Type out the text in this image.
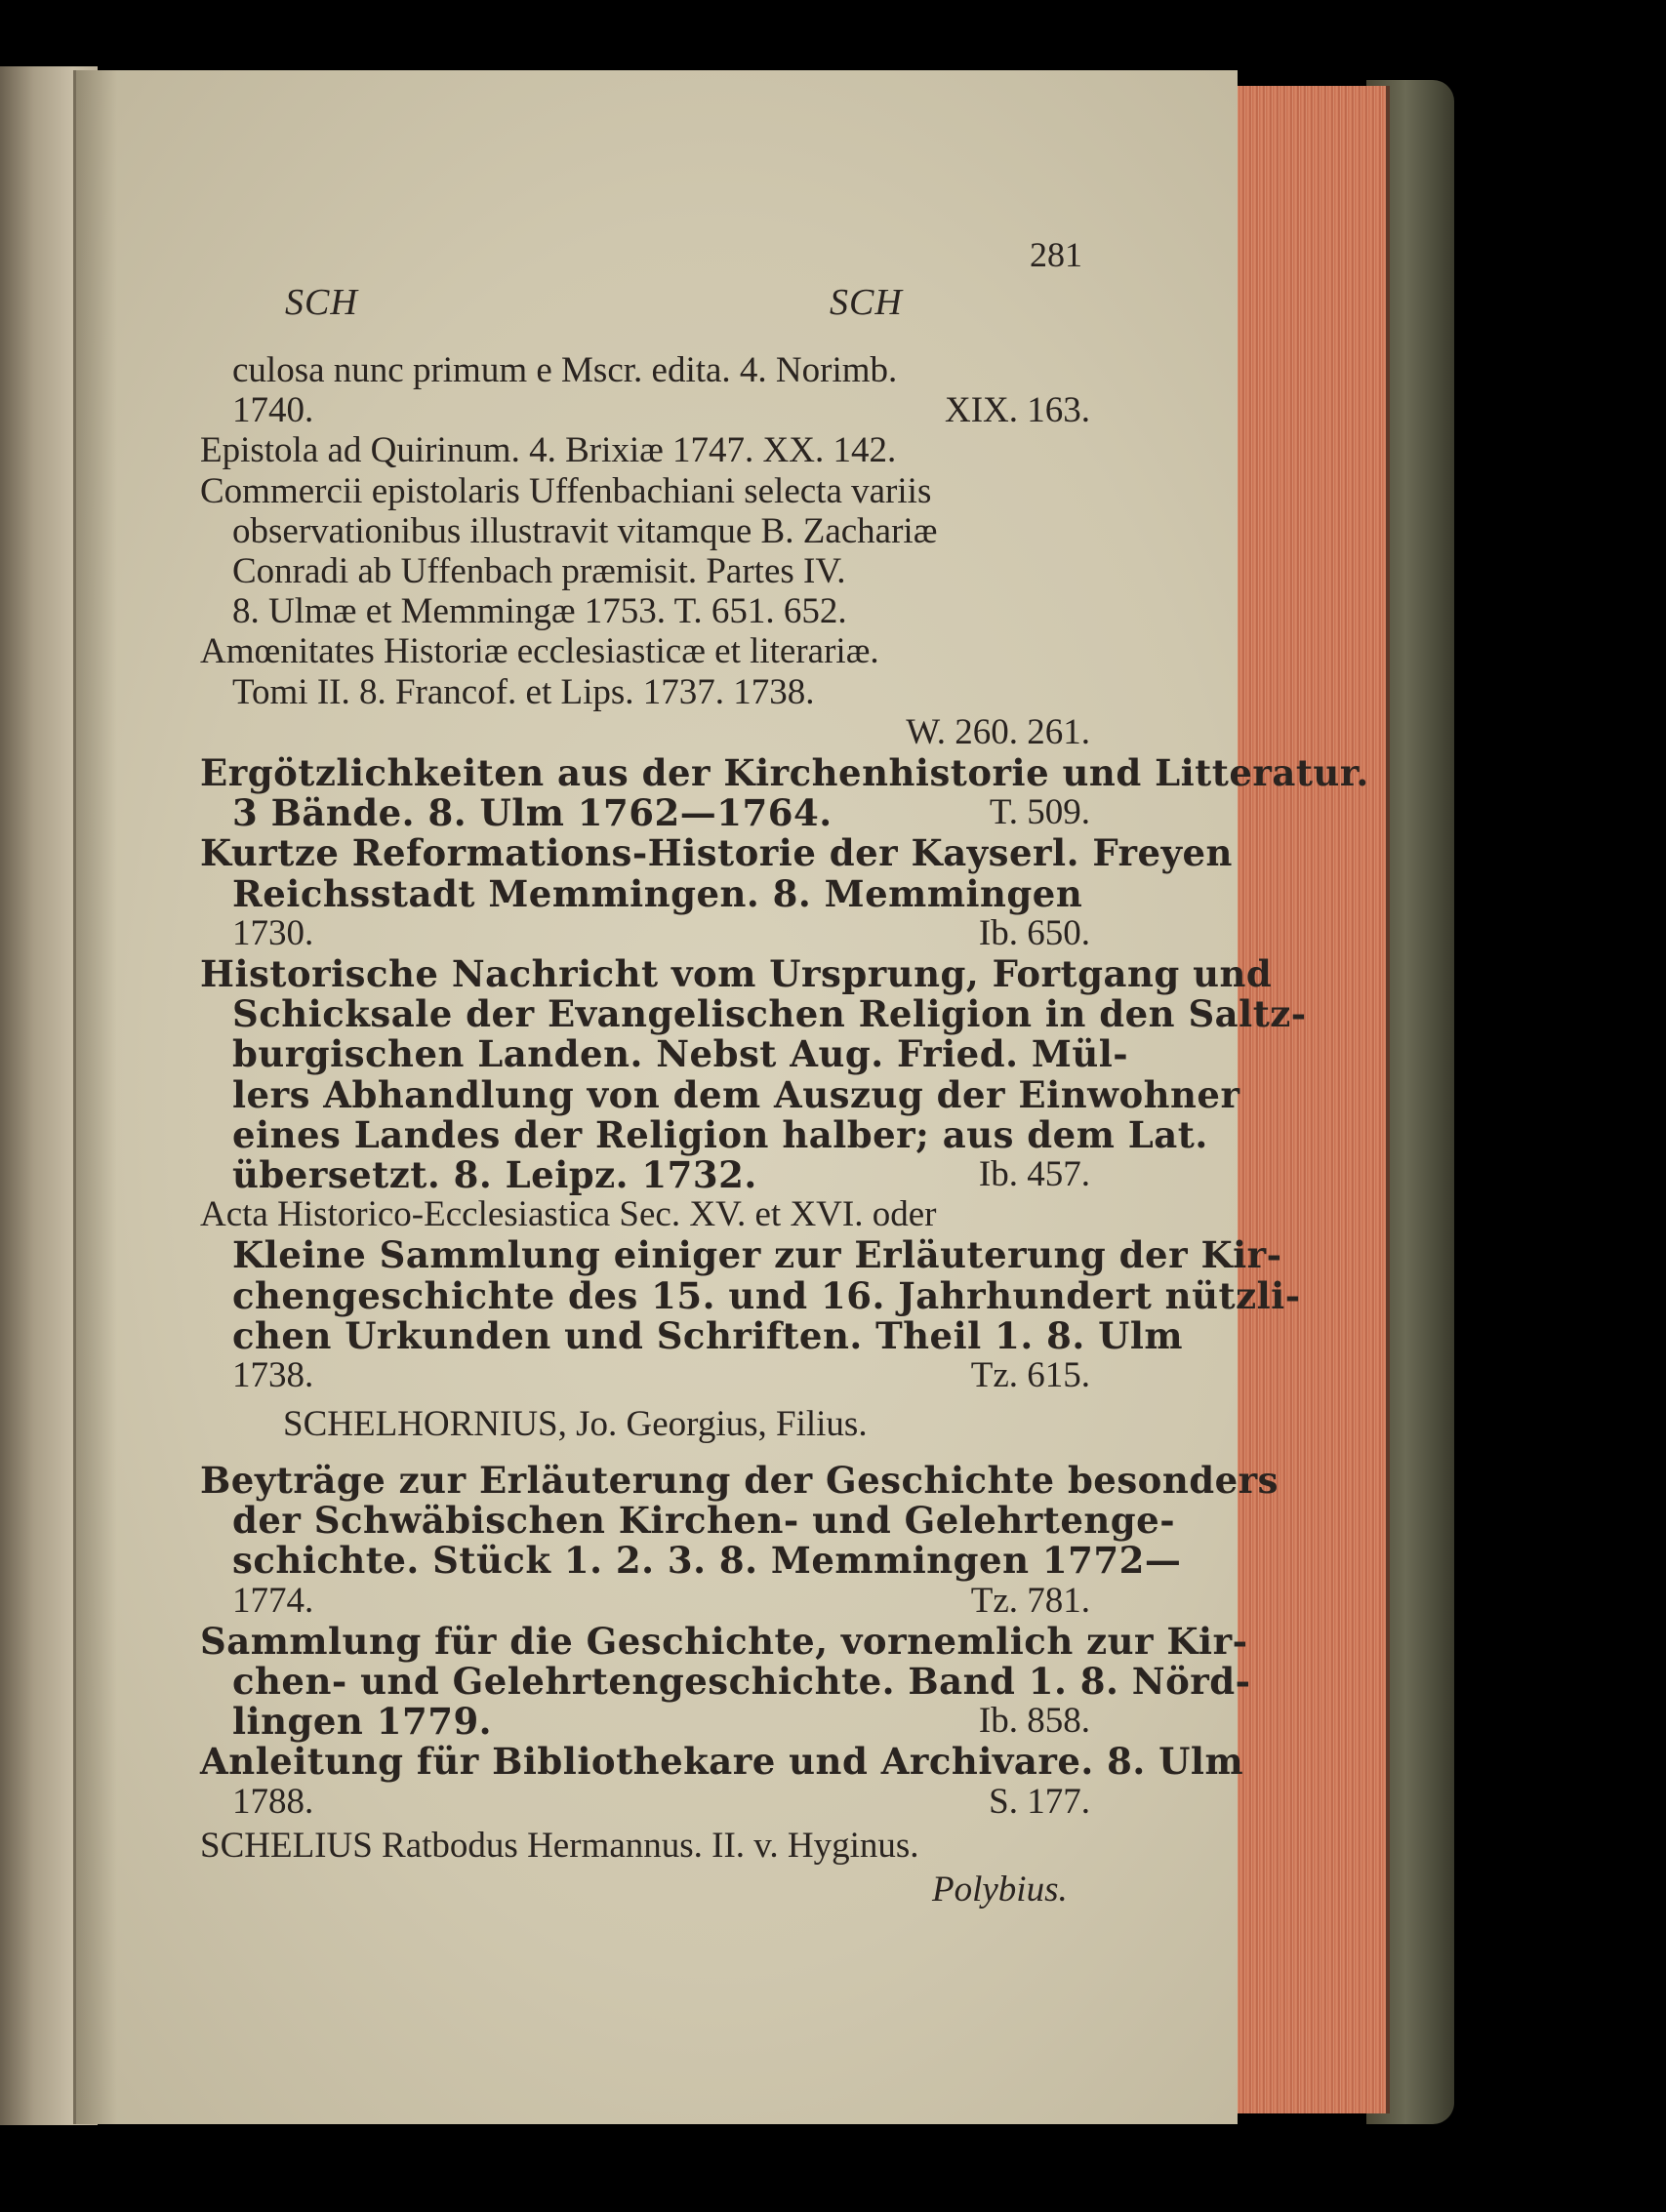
281
SCH	SCH
culosa nunc primum e Mscr. edita. 4. Norimb.
1740.	XIX. 163.
Epistola ad Quirinum. 4. Brixiæ 1747. XX. 142.
Commercii epistolaris Uffenbachiani selecta variis
observationibus illustravit vitamque B. Zachariæ
Conradi ab Uffenbach præmisit. Partes IV.
8. Ulmæ et Memmingæ 1753. T. 651. 652.
Amœnitates Historiæ ecclesiasticæ et literariæ.
Tomi II. 8. Francof. et Lips. 1737. 1738.
W. 260. 261.
Ergötzlichkeiten aus der Kirchenhistorie und Litteratur.
3 Bände. 8. Ulm 1762—1764.	T. 509.
Kurtze Reformations-Historie der Kayserl. Freyen
Reichsstadt Memmingen. 8. Memmingen
1730.	Ib. 650.
Historische Nachricht vom Ursprung, Fortgang und
Schicksale der Evangelischen Religion in den Saltz-
burgischen Landen. Nebst Aug. Fried. Mül-
lers Abhandlung von dem Auszug der Einwohner
eines Landes der Religion halber; aus dem Lat.
übersetzt. 8. Leipz. 1732.	Ib. 457.
Acta Historico-Ecclesiastica Sec. XV. et XVI. oder
Kleine Sammlung einiger zur Erläuterung der Kir-
chengeschichte des 15. und 16. Jahrhundert nützli-
chen Urkunden und Schriften. Theil 1. 8. Ulm
1738.	Tz. 615.
SCHELHORNIUS, Jo. Georgius, Filius.
Beyträge zur Erläuterung der Geschichte besonders
der Schwäbischen Kirchen- und Gelehrtenge-
schichte. Stück 1. 2. 3. 8. Memmingen 1772—
1774.	Tz. 781.
Sammlung für die Geschichte, vornemlich zur Kir-
chen- und Gelehrtengeschichte. Band 1. 8. Nörd-
lingen 1779.	Ib. 858.
Anleitung für Bibliothekare und Archivare. 8. Ulm
1788.	S. 177.
SCHELIUS Ratbodus Hermannus. II. v. Hyginus.
Polybius.
